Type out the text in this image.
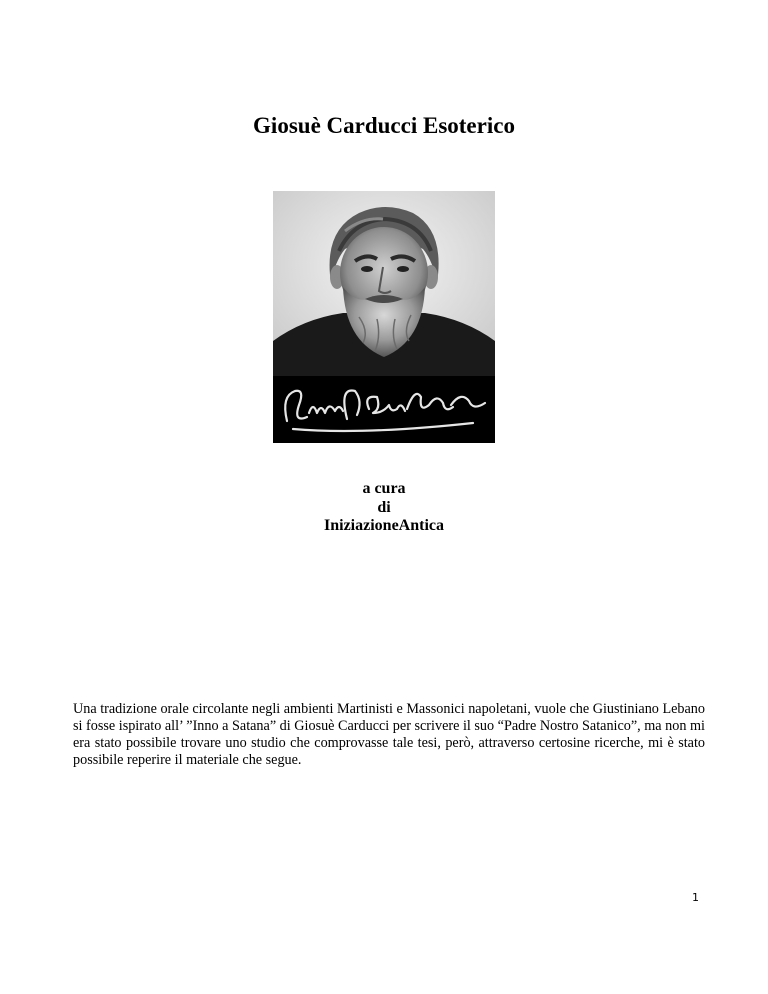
Giosuè Carducci Esoterico
a cura
di
IniziazioneAntica

Una tradizione orale circolante negli ambienti Martinisti e Massonici napoletani, vuole che Giustiniano Lebano si fosse ispirato all’ ”Inno a Satana” di Giosuè Carducci per scrivere il suo “Padre Nostro Satanico”, ma non mi era stato possibile trovare uno studio che comprovasse tale tesi, però, attraverso certosine ricerche, mi è stato possibile reperire il materiale che segue.

1
